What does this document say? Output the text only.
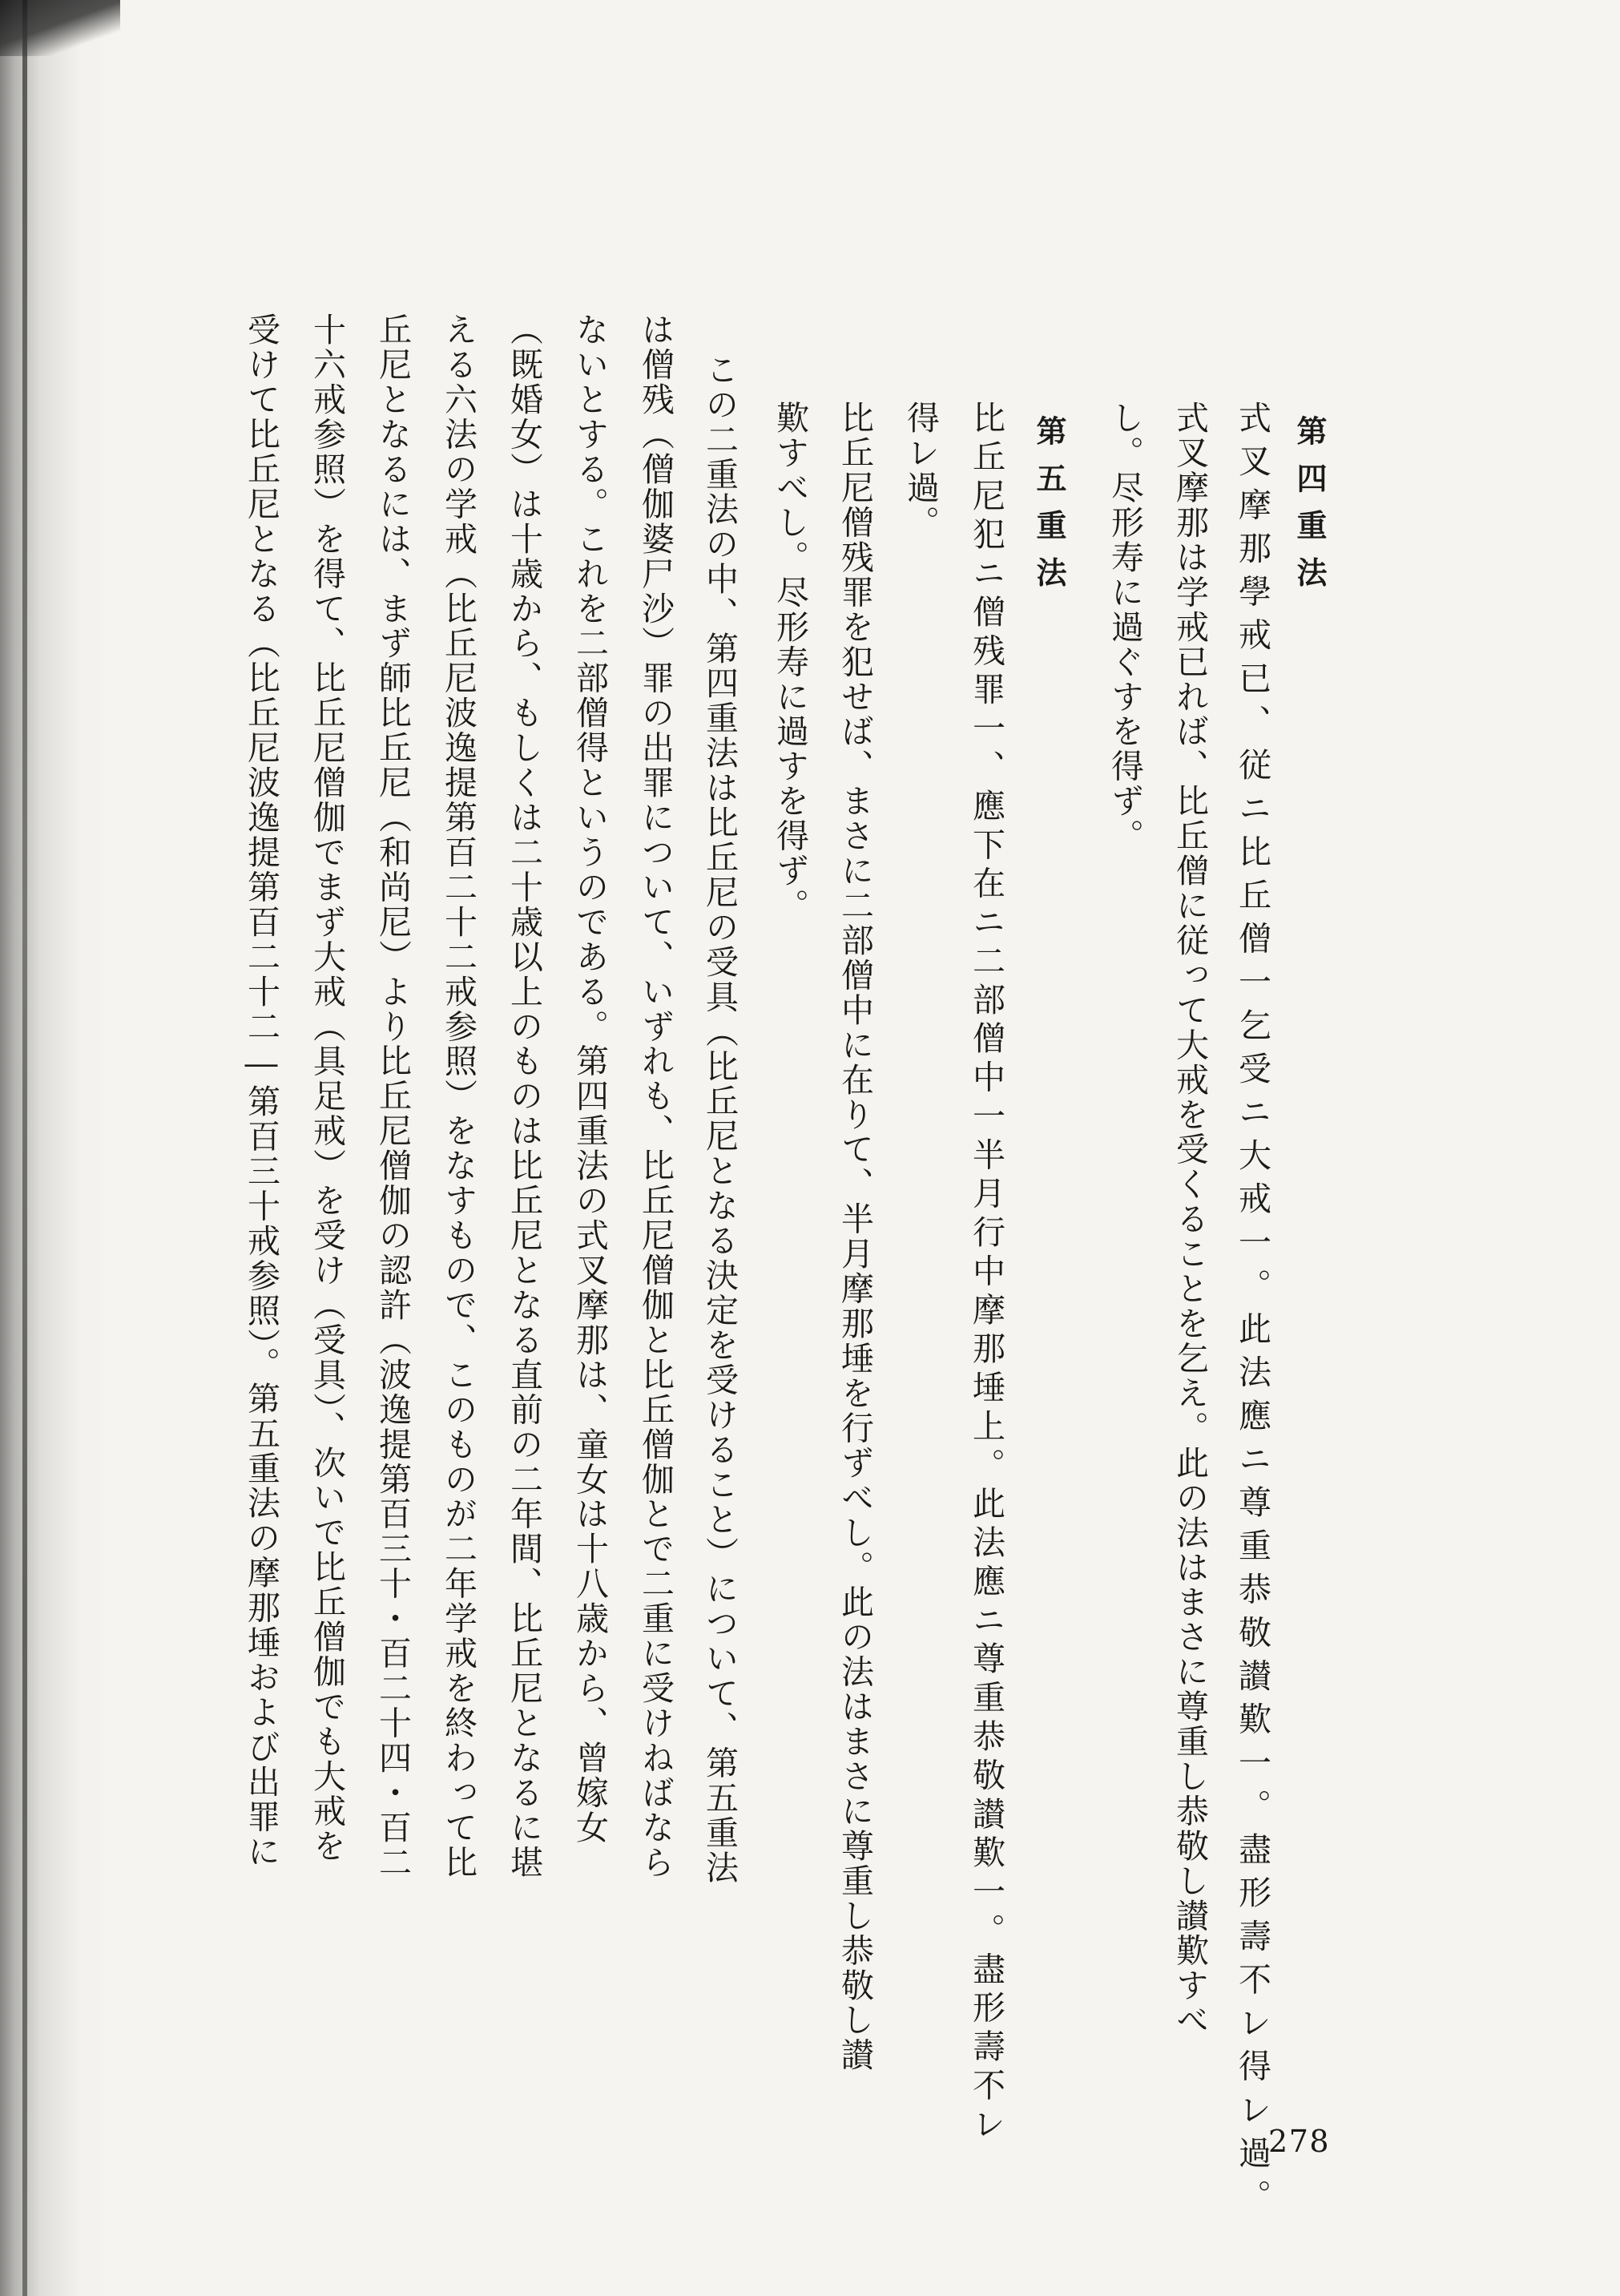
第四重法
式叉摩那學戒已、従ニ比丘僧一乞受ニ大戒一。此法應ニ尊重恭敬讃歎一。盡形壽不レ得レ過。
式叉摩那は学戒已れば、比丘僧に従って大戒を受くることを乞え。此の法はまさに尊重し恭敬し讃歎すべ
し。尽形寿に過ぐすを得ず。
第五重法
比丘尼犯ニ僧残罪一、應下在ニ二部僧中一半月行中摩那埵上。此法應ニ尊重恭敬讃歎一。盡形壽不レ
得レ過。
比丘尼僧残罪を犯せば、まさに二部僧中に在りて、半月摩那埵を行ずべし。此の法はまさに尊重し恭敬し讃
歎すべし。尽形寿に過すを得ず。
この二重法の中、第四重法は比丘尼の受具（比丘尼となる決定を受けること）について、第五重法
は僧残（僧伽婆尸沙）罪の出罪について、いずれも、比丘尼僧伽と比丘僧伽とで二重に受けねばなら
ないとする。これを二部僧得というのである。第四重法の式叉摩那は、童女は十八歳から、曾嫁女
（既婚女）は十歳から、もしくは二十歳以上のものは比丘尼となる直前の二年間、比丘尼となるに堪
える六法の学戒（比丘尼波逸提第百二十二戒参照）をなすもので、このものが二年学戒を終わって比
丘尼となるには、まず師比丘尼（和尚尼）より比丘尼僧伽の認許（波逸提第百三十・百二十四・百二
十六戒参照）を得て、比丘尼僧伽でまず大戒（具足戒）を受け（受具）、次いで比丘僧伽でも大戒を
受けて比丘尼となる（比丘尼波逸提第百二十二―第百三十戒参照）。第五重法の摩那埵および出罪に
278
